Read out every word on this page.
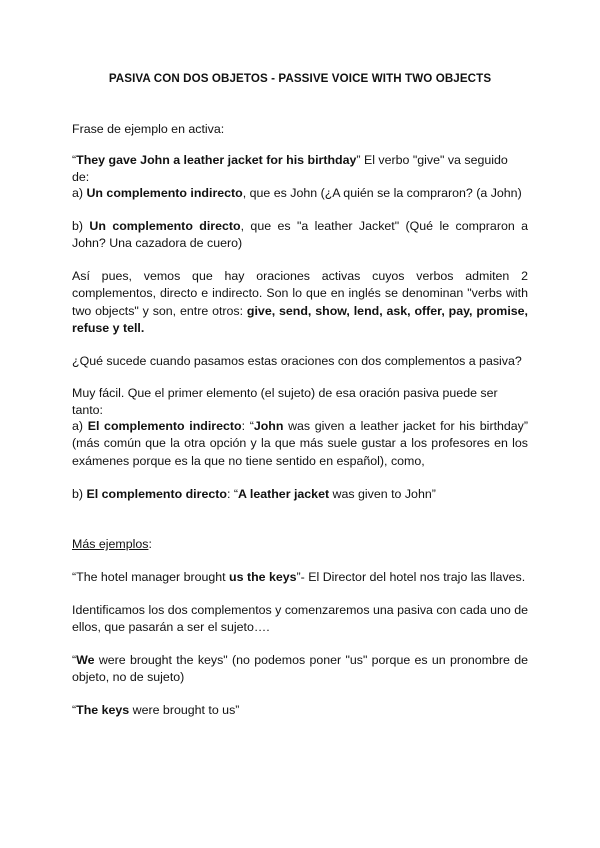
PASIVA CON DOS OBJETOS - PASSIVE VOICE WITH TWO OBJECTS
Frase de ejemplo en activa:
“They gave John a leather jacket for his birthday” El verbo "give" va seguido de:
a) Un complemento indirecto, que es John (¿A quién se la compraron? (a John)
b) Un complemento directo, que es "a leather Jacket" (Qué le compraron a John? Una cazadora de cuero)
Así pues, vemos que hay oraciones activas cuyos verbos admiten 2 complementos, directo e indirecto. Son lo que en inglés se denominan "verbs with two objects" y son, entre otros: give, send, show, lend, ask, offer, pay, promise, refuse y tell.
¿Qué sucede cuando pasamos estas oraciones con dos complementos a pasiva?
Muy fácil. Que el primer elemento (el sujeto) de esa oración pasiva puede ser tanto:
a) El complemento indirecto: “John was given a leather jacket for his birthday” (más común que la otra opción y la que más suele gustar a los profesores en los exámenes porque es la que no tiene sentido en español), como,
b) El complemento directo: “A leather jacket was given to John”
Más ejemplos:
“The hotel manager brought us the keys”- El Director del hotel nos trajo las llaves.
Identificamos los dos complementos y comenzaremos una pasiva con cada uno de ellos, que pasarán a ser el sujeto….
“We were brought the keys" (no podemos poner "us" porque es un pronombre de objeto, no de sujeto)
“The keys were brought to us”
